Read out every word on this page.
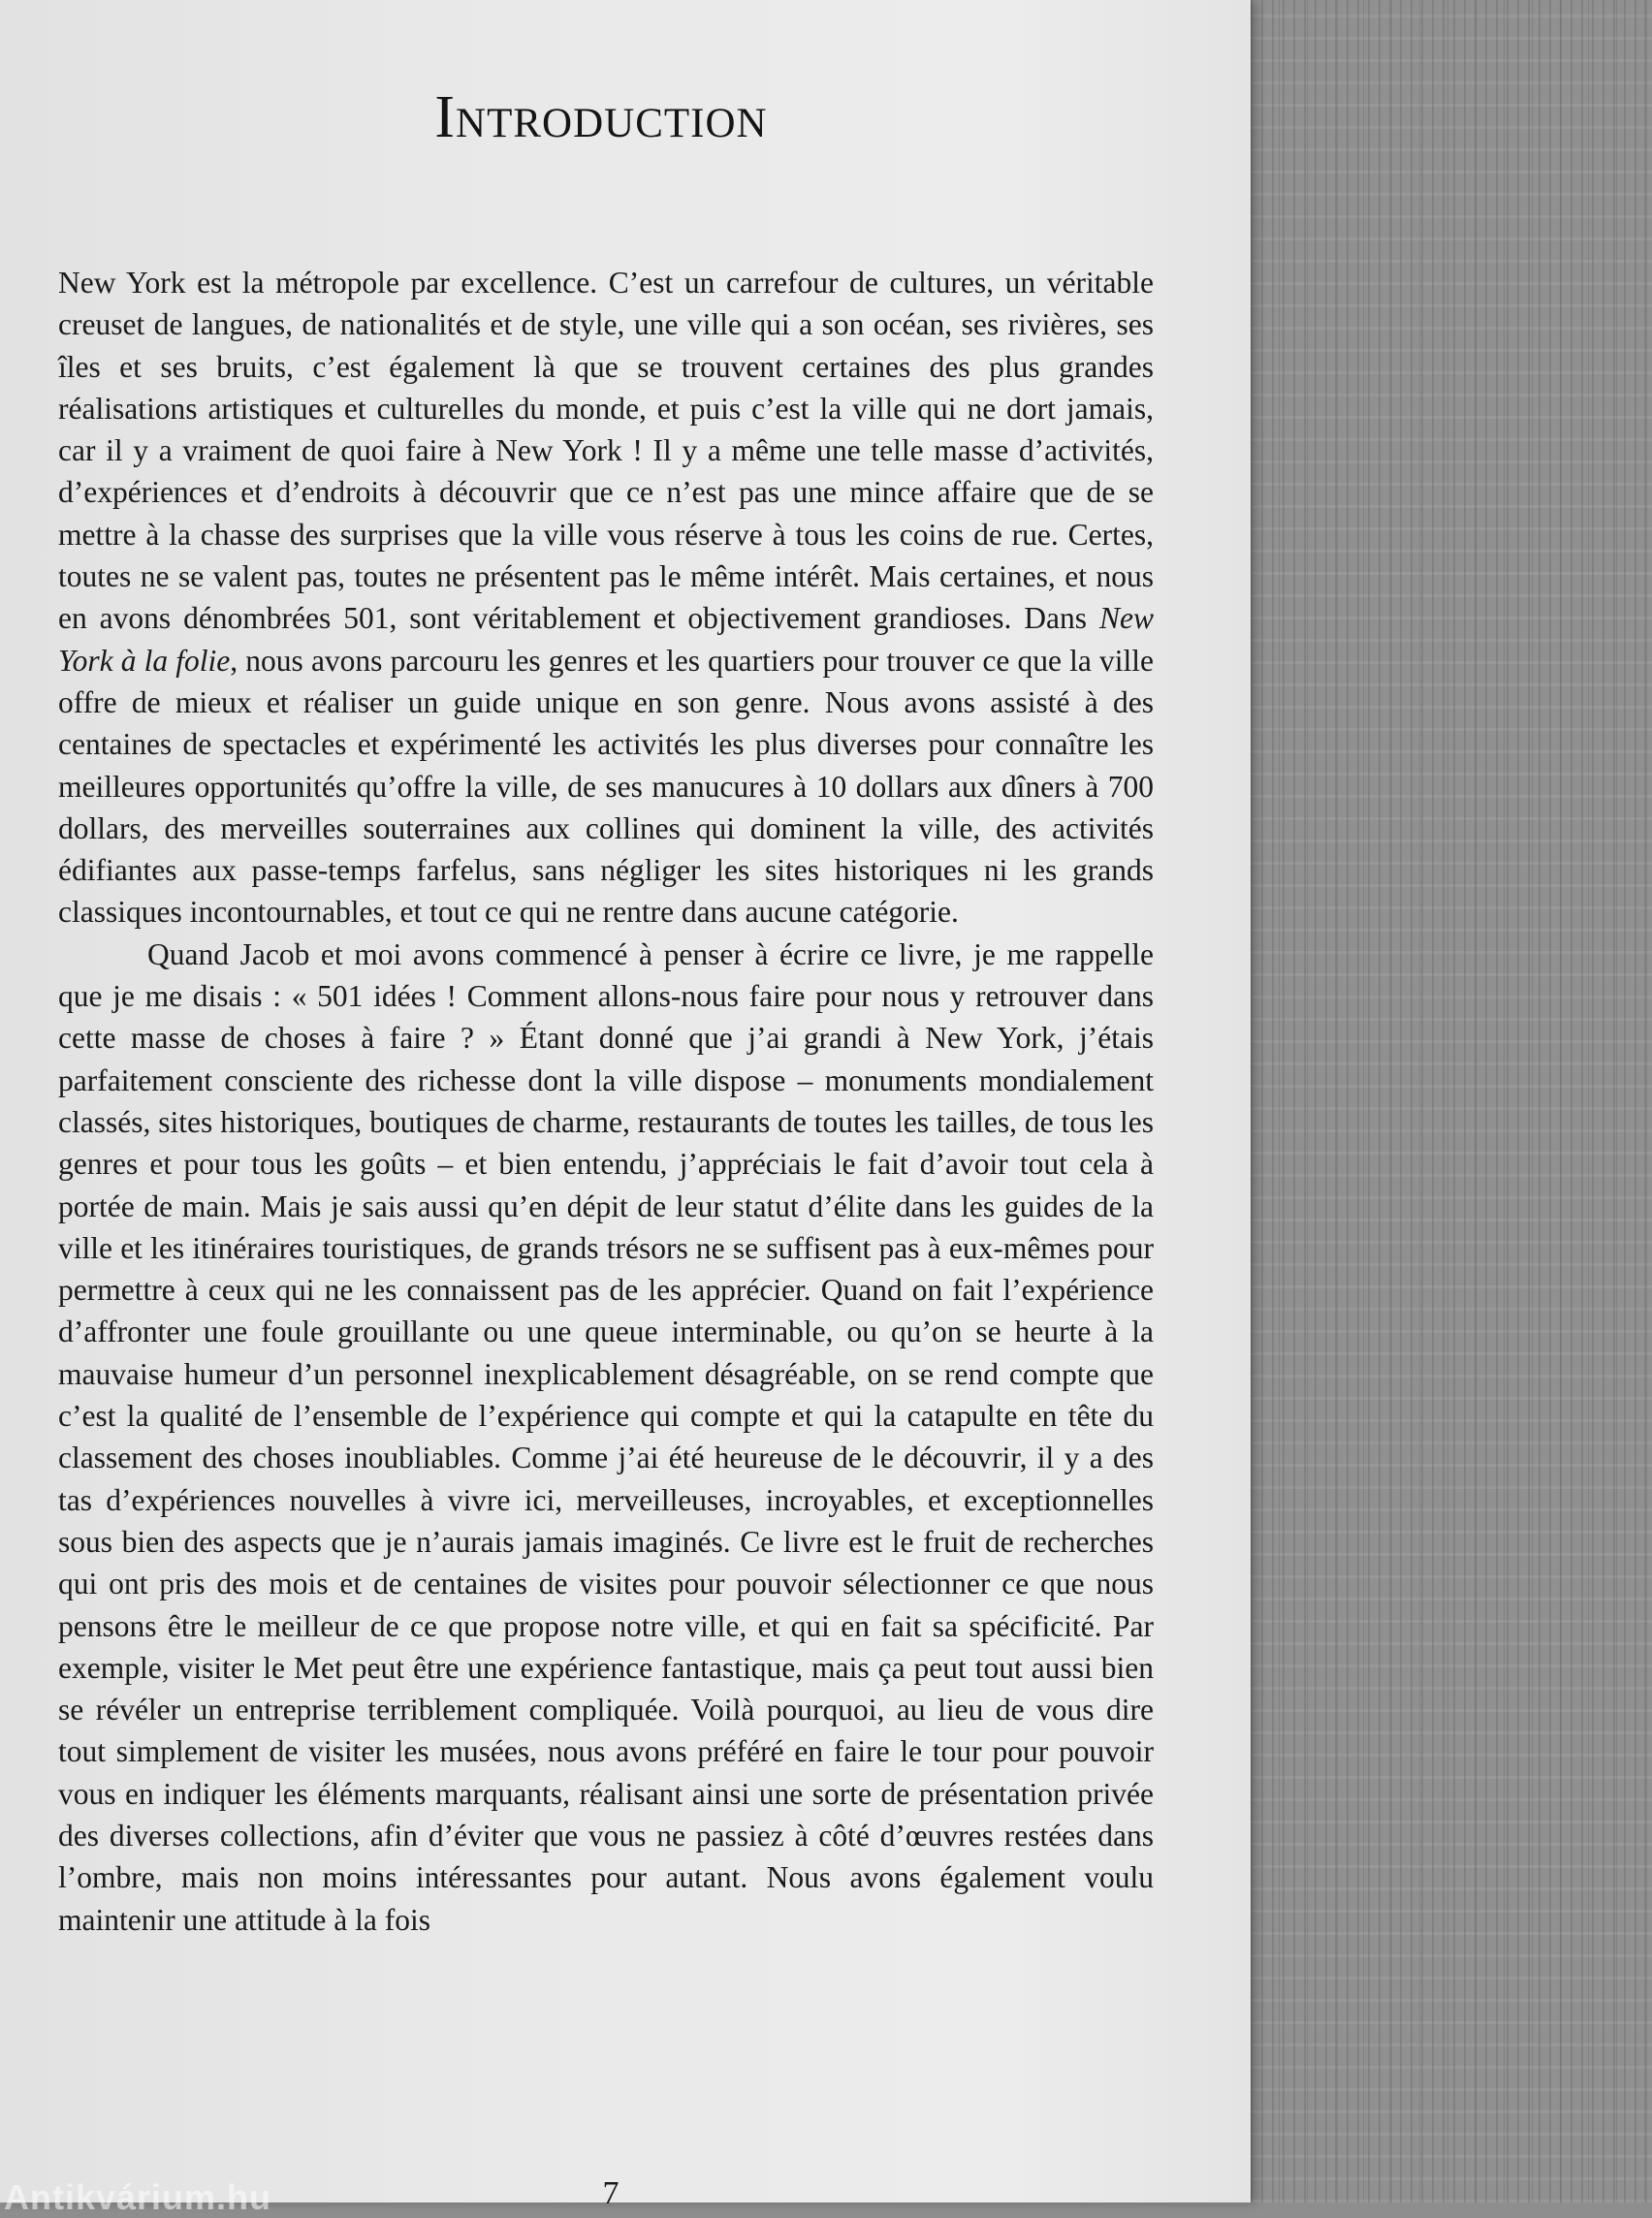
Introduction

New York est la métropole par excellence. C’est un carrefour de cultures, un véritable creuset de langues, de nationalités et de style, une ville qui a son océan, ses rivières, ses îles et ses bruits, c’est également là que se trouvent certaines des plus grandes réalisations artistiques et culturelles du monde, et puis c’est la ville qui ne dort jamais, car il y a vraiment de quoi faire à New York ! Il y a même une telle masse d’activités, d’expériences et d’endroits à découvrir que ce n’est pas une mince affaire que de se mettre à la chasse des surprises que la ville vous réserve à tous les coins de rue. Certes, toutes ne se valent pas, toutes ne présentent pas le même intérêt. Mais certaines, et nous en avons dénombrées 501, sont véritablement et objectivement grandioses. Dans New York à la folie, nous avons parcouru les genres et les quartiers pour trouver ce que la ville offre de mieux et réaliser un guide unique en son genre. Nous avons assisté à des centaines de spectacles et expérimenté les activités les plus diverses pour connaître les meilleures opportunités qu’offre la ville, de ses manucures à 10 dollars aux dîners à 700 dollars, des merveilles souterraines aux collines qui dominent la ville, des activités édifiantes aux passe-temps farfelus, sans négliger les sites historiques ni les grands classiques incontournables, et tout ce qui ne rentre dans aucune catégorie.

Quand Jacob et moi avons commencé à penser à écrire ce livre, je me rappelle que je me disais : « 501 idées ! Comment allons-nous faire pour nous y retrouver dans cette masse de choses à faire ? » Étant donné que j’ai grandi à New York, j’étais parfaitement consciente des richesse dont la ville dispose – monuments mondialement classés, sites historiques, boutiques de charme, restaurants de toutes les tailles, de tous les genres et pour tous les goûts – et bien entendu, j’appréciais le fait d’avoir tout cela à portée de main. Mais je sais aussi qu’en dépit de leur statut d’élite dans les guides de la ville et les itinéraires touristiques, de grands trésors ne se suffisent pas à eux-mêmes pour permettre à ceux qui ne les connaissent pas de les apprécier. Quand on fait l’expérience d’affronter une foule grouillante ou une queue interminable, ou qu’on se heurte à la mauvaise humeur d’un personnel inexplicablement désagréable, on se rend compte que c’est la qualité de l’ensemble de l’expérience qui compte et qui la catapulte en tête du classement des choses inoubliables. Comme j’ai été heureuse de le découvrir, il y a des tas d’expériences nouvelles à vivre ici, merveilleuses, incroyables, et exceptionnelles sous bien des aspects que je n’aurais jamais imaginés. Ce livre est le fruit de recherches qui ont pris des mois et de centaines de visites pour pouvoir sélectionner ce que nous pensons être le meilleur de ce que propose notre ville, et qui en fait sa spécificité. Par exemple, visiter le Met peut être une expérience fantastique, mais ça peut tout aussi bien se révéler un entreprise terriblement compliquée. Voilà pourquoi, au lieu de vous dire tout simplement de visiter les musées, nous avons préféré en faire le tour pour pouvoir vous en indiquer les éléments marquants, réalisant ainsi une sorte de présentation privée des diverses collections, afin d’éviter que vous ne passiez à côté d’œuvres restées dans l’ombre, mais non moins intéressantes pour autant. Nous avons également voulu maintenir une attitude à la fois

7
Antikvárium.hu
